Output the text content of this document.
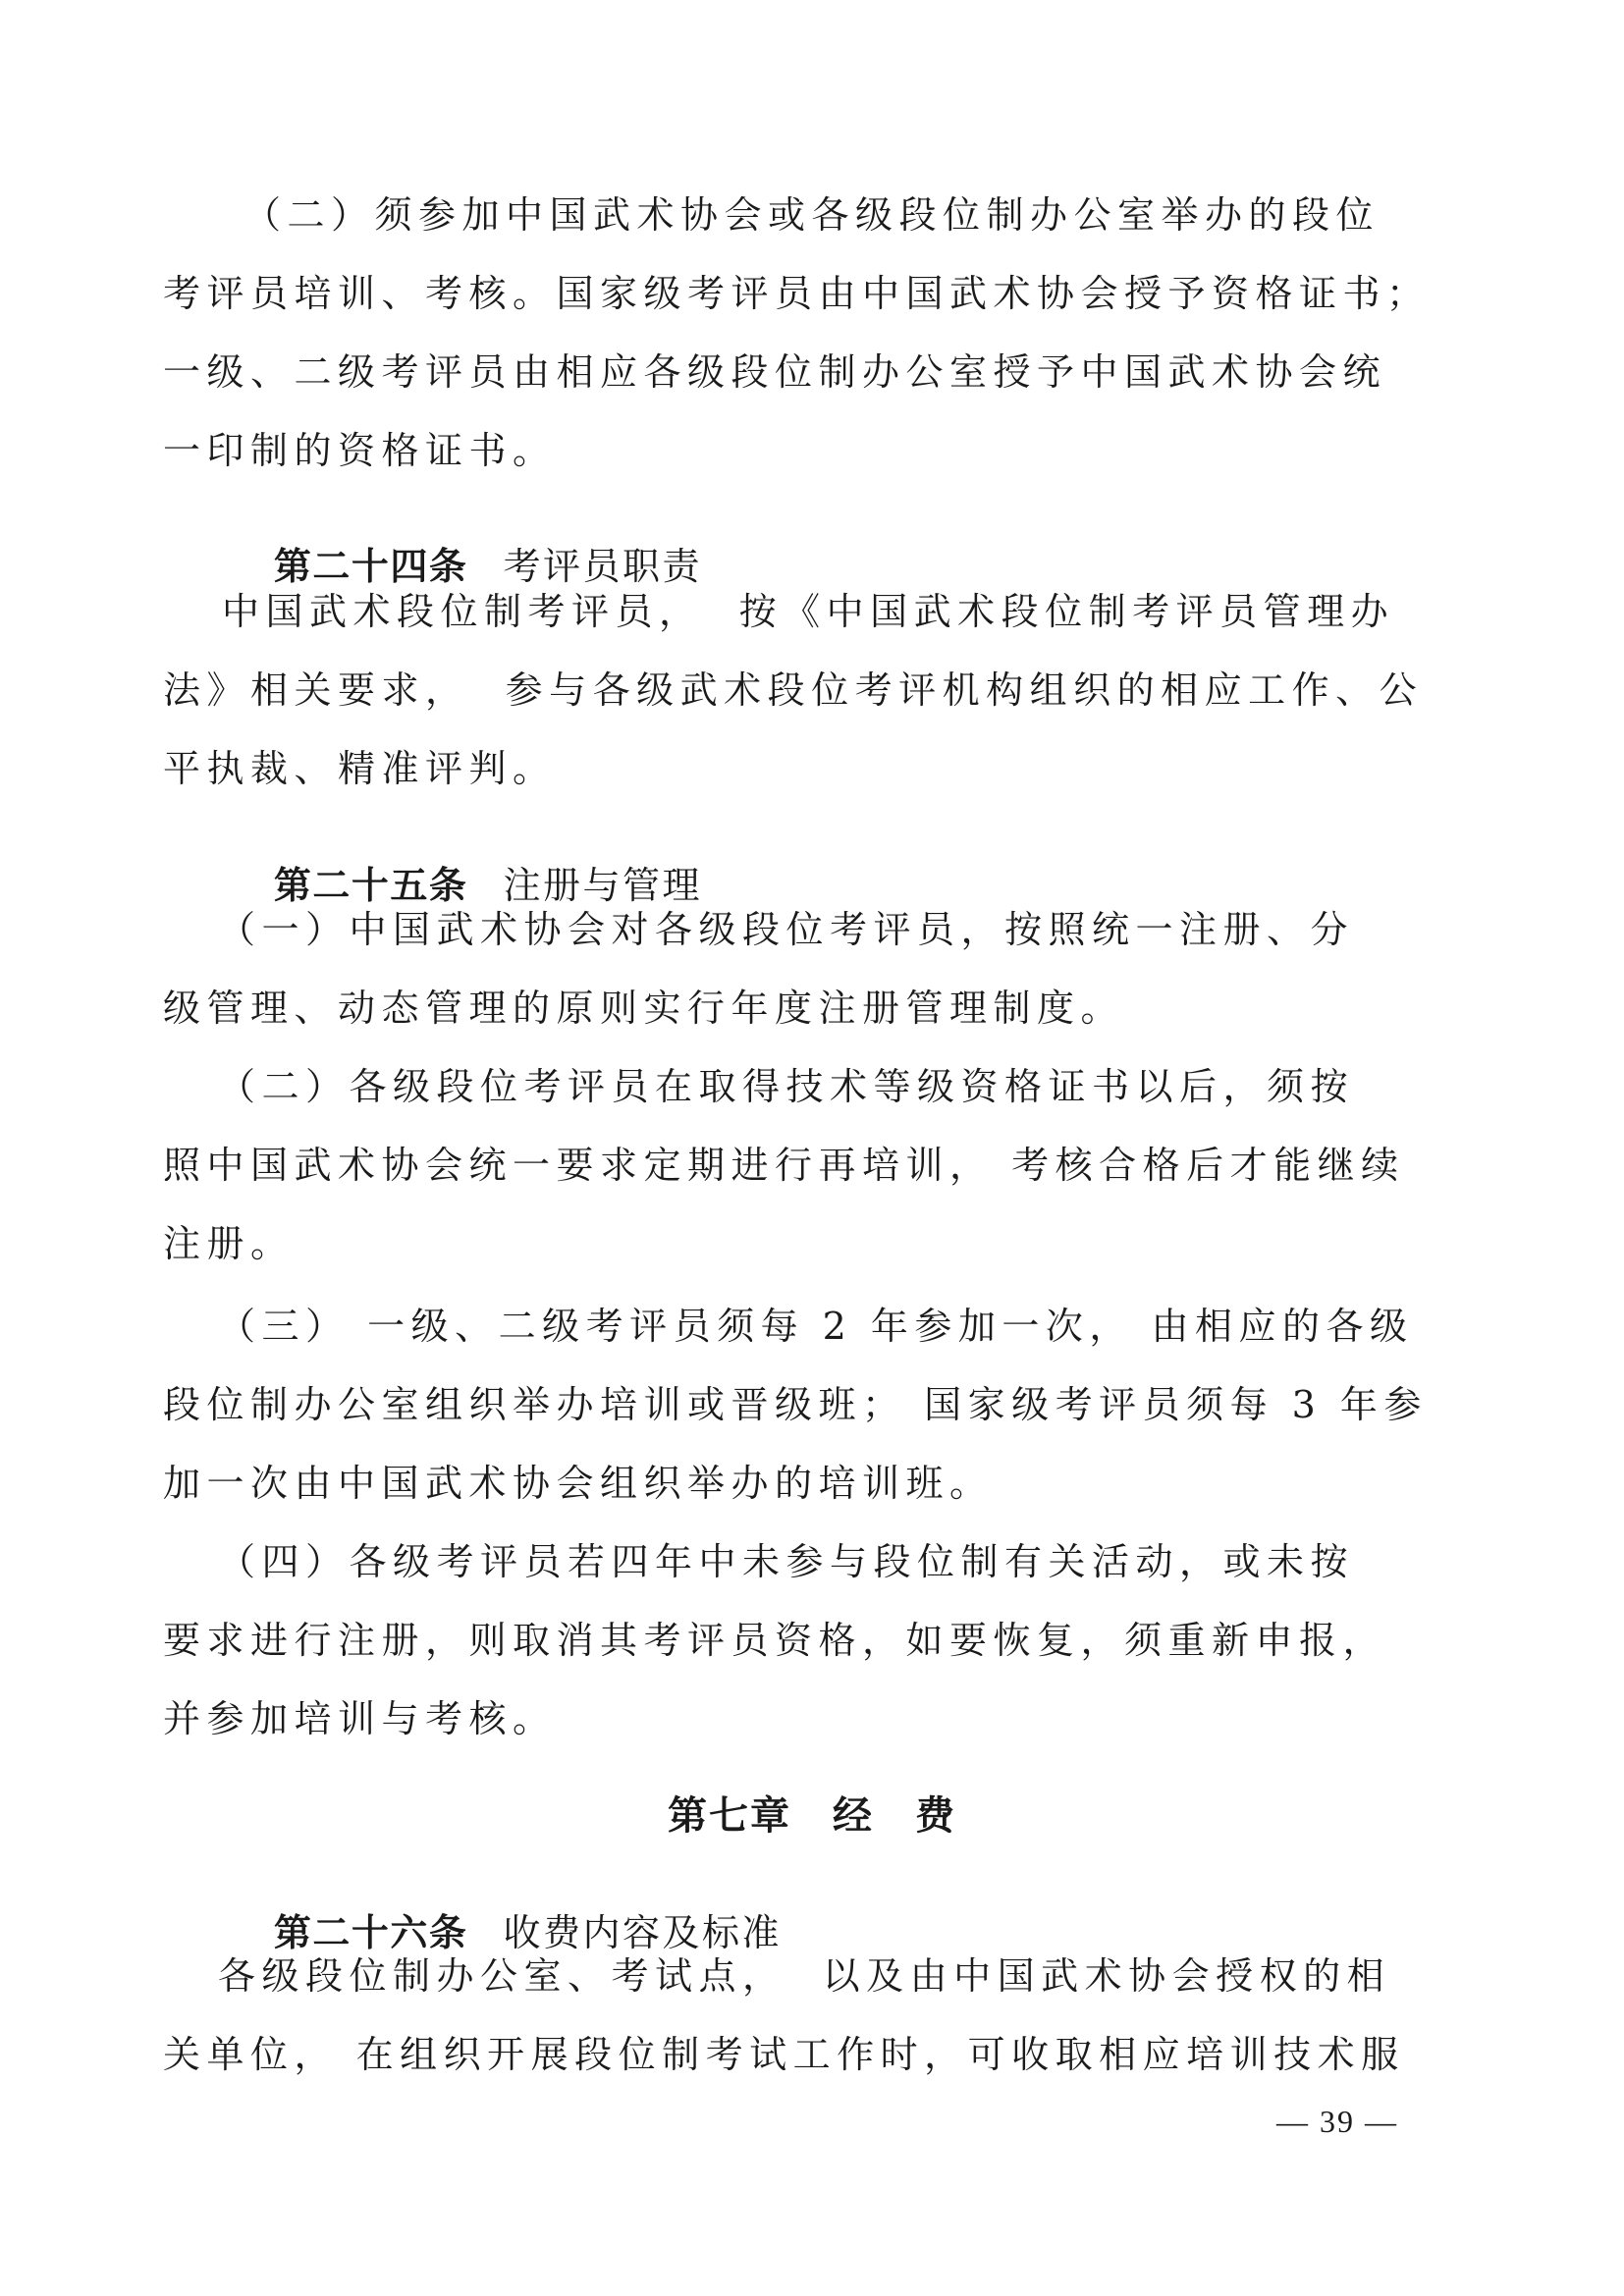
（二）须参加中国武术协会或各级段位制办公室举办的段位
考评员培训、考核。国家级考评员由中国武术协会授予资格证书；
一级、二级考评员由相应各级段位制办公室授予中国武术协会统
一印制的资格证书。

第二十四条 考评员职责

中国武术段位制考评员，  按《中国武术段位制考评员管理办
法》相关要求，  参与各级武术段位考评机构组织的相应工作、公
平执裁、精准评判。

第二十五条 注册与管理

（一）中国武术协会对各级段位考评员，按照统一注册、分
级管理、动态管理的原则实行年度注册管理制度。
（二）各级段位考评员在取得技术等级资格证书以后，须按
照中国武术协会统一要求定期进行再培训， 考核合格后才能继续
注册。
（三） 一级、二级考评员须每 2 年参加一次， 由相应的各级
段位制办公室组织举办培训或晋级班； 国家级考评员须每 3 年参
加一次由中国武术协会组织举办的培训班。
（四）各级考评员若四年中未参与段位制有关活动，或未按
要求进行注册，则取消其考评员资格，如要恢复，须重新申报，
并参加培训与考核。
第七章　经　费

第二十六条 收费内容及标准

各级段位制办公室、考试点，  以及由中国武术协会授权的相
关单位， 在组织开展段位制考试工作时，可收取相应培训技术服
— 39 —
